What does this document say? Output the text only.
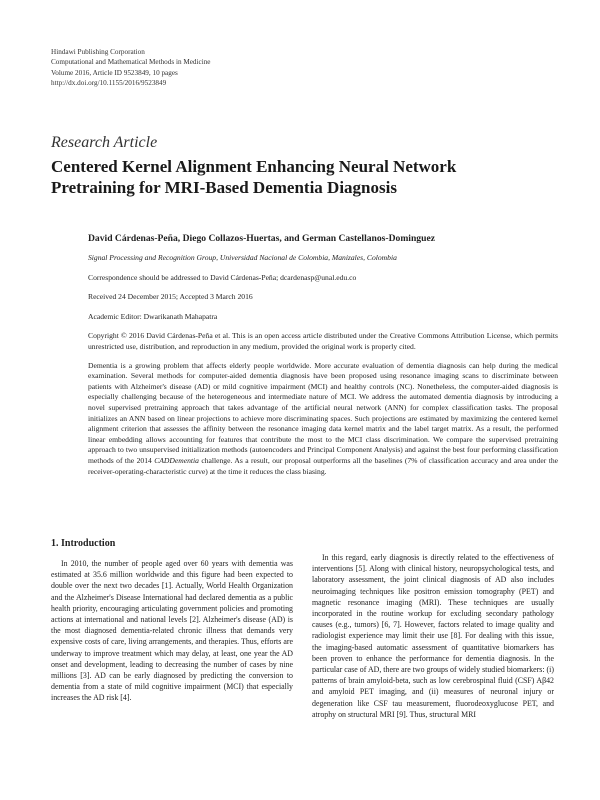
Hindawi Publishing Corporation
Computational and Mathematical Methods in Medicine
Volume 2016, Article ID 9523849, 10 pages
http://dx.doi.org/10.1155/2016/9523849
Research Article
Centered Kernel Alignment Enhancing Neural Network Pretraining for MRI-Based Dementia Diagnosis
David Cárdenas-Peña, Diego Collazos-Huertas, and German Castellanos-Dominguez
Signal Processing and Recognition Group, Universidad Nacional de Colombia, Manizales, Colombia
Correspondence should be addressed to David Cárdenas-Peña; dcardenasp@unal.edu.co
Received 24 December 2015; Accepted 3 March 2016
Academic Editor: Dwarikanath Mahapatra
Copyright © 2016 David Cárdenas-Peña et al. This is an open access article distributed under the Creative Commons Attribution License, which permits unrestricted use, distribution, and reproduction in any medium, provided the original work is properly cited.
Dementia is a growing problem that affects elderly people worldwide. More accurate evaluation of dementia diagnosis can help during the medical examination. Several methods for computer-aided dementia diagnosis have been proposed using resonance imaging scans to discriminate between patients with Alzheimer's disease (AD) or mild cognitive impairment (MCI) and healthy controls (NC). Nonetheless, the computer-aided diagnosis is especially challenging because of the heterogeneous and intermediate nature of MCI. We address the automated dementia diagnosis by introducing a novel supervised pretraining approach that takes advantage of the artificial neural network (ANN) for complex classification tasks. The proposal initializes an ANN based on linear projections to achieve more discriminating spaces. Such projections are estimated by maximizing the centered kernel alignment criterion that assesses the affinity between the resonance imaging data kernel matrix and the label target matrix. As a result, the performed linear embedding allows accounting for features that contribute the most to the MCI class discrimination. We compare the supervised pretraining approach to two unsupervised initialization methods (autoencoders and Principal Component Analysis) and against the best four performing classification methods of the 2014 CADDementia challenge. As a result, our proposal outperforms all the baselines (7% of classification accuracy and area under the receiver-operating-characteristic curve) at the time it reduces the class biasing.
1. Introduction

In 2010, the number of people aged over 60 years with dementia was estimated at 35.6 million worldwide and this figure had been expected to double over the next two decades [1]. Actually, World Health Organization and the Alzheimer's Disease International had declared dementia as a public health priority, encouraging articulating government policies and promoting actions at international and national levels [2]. Alzheimer's disease (AD) is the most diagnosed dementia-related chronic illness that demands very expensive costs of care, living arrangements, and therapies. Thus, efforts are underway to improve treatment which may delay, at least, one year the AD onset and development, leading to decreasing the number of cases by nine millions [3]. AD can be early diagnosed by predicting the conversion to dementia from a state of mild cognitive impairment (MCI) that especially increases the AD risk [4].

In this regard, early diagnosis is directly related to the effectiveness of interventions [5]. Along with clinical history, neuropsychological tests, and laboratory assessment, the joint clinical diagnosis of AD also includes neuroimaging techniques like positron emission tomography (PET) and magnetic resonance imaging (MRI). These techniques are usually incorporated in the routine workup for excluding secondary pathology causes (e.g., tumors) [6, 7]. However, factors related to image quality and radiologist experience may limit their use [8]. For dealing with this issue, the imaging-based automatic assessment of quantitative biomarkers has been proven to enhance the performance for dementia diagnosis. In the particular case of AD, there are two groups of widely studied biomarkers: (i) patterns of brain amyloid-beta, such as low cerebrospinal fluid (CSF) Aβ42 and amyloid PET imaging, and (ii) measures of neuronal injury or degeneration like CSF tau measurement, fluorodeoxyglucose PET, and atrophy on structural MRI [9]. Thus, structural MRI
